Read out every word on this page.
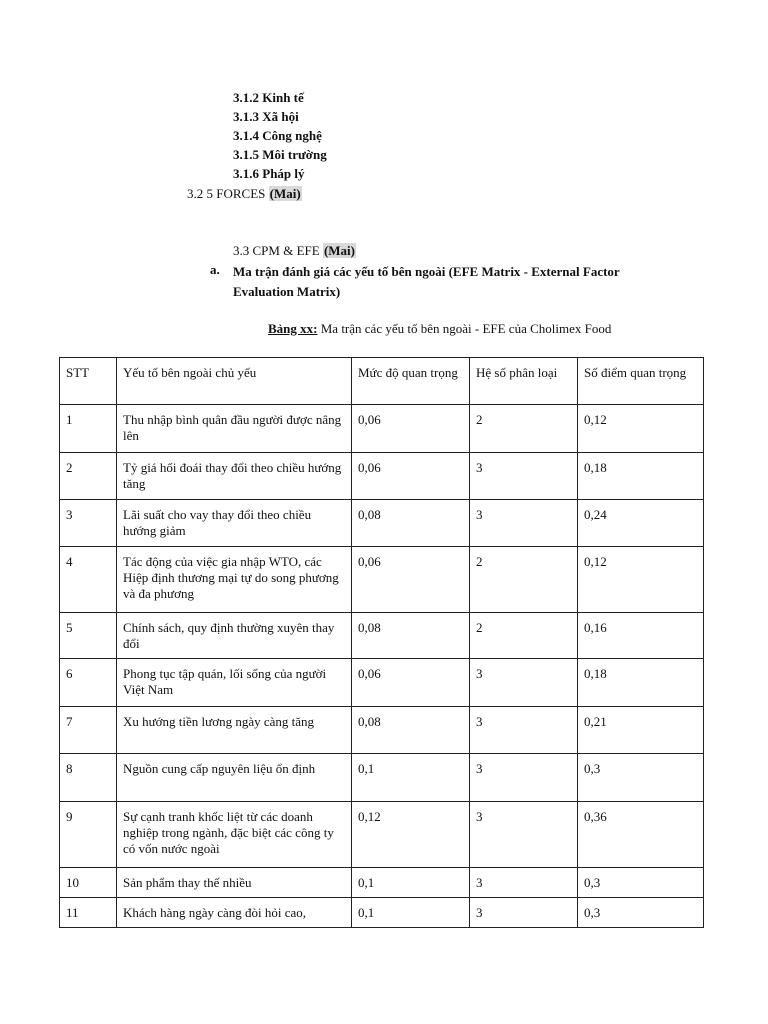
3.1.2 Kinh tế
3.1.3 Xã hội
3.1.4 Công nghệ
3.1.5 Môi trường
3.1.6 Pháp lý
3.2 5 FORCES (Mai)
3.3 CPM & EFE (Mai)
a. Ma trận đánh giá các yếu tố bên ngoài (EFE Matrix - External Factor Evaluation Matrix)
Bảng xx: Ma trận các yếu tố bên ngoài - EFE của Cholimex Food
STT	Yếu tố bên ngoài chủ yếu	Mức độ quan trọng	Hệ số phân loại	Số điểm quan trọng
1	Thu nhập bình quân đầu người được nâng lên	0,06	2	0,12
2	Tỷ giá hối đoái thay đổi theo chiều hướng tăng	0,06	3	0,18
3	Lãi suất cho vay thay đổi theo chiều hướng giảm	0,08	3	0,24
4	Tác động của việc gia nhập WTO, các Hiệp định thương mại tự do song phương và đa phương	0,06	2	0,12
5	Chính sách, quy định thường xuyên thay đổi	0,08	2	0,16
6	Phong tục tập quán, lối sống của người Việt Nam	0,06	3	0,18
7	Xu hướng tiền lương ngày càng tăng	0,08	3	0,21
8	Nguồn cung cấp nguyên liệu ổn định	0,1	3	0,3
9	Sự cạnh tranh khốc liệt từ các doanh nghiệp trong ngành, đặc biệt các công ty có vốn nước ngoài	0,12	3	0,36
10	Sản phẩm thay thế nhiều	0,1	3	0,3
11	Khách hàng ngày càng đòi hỏi cao,	0,1	3	0,3
